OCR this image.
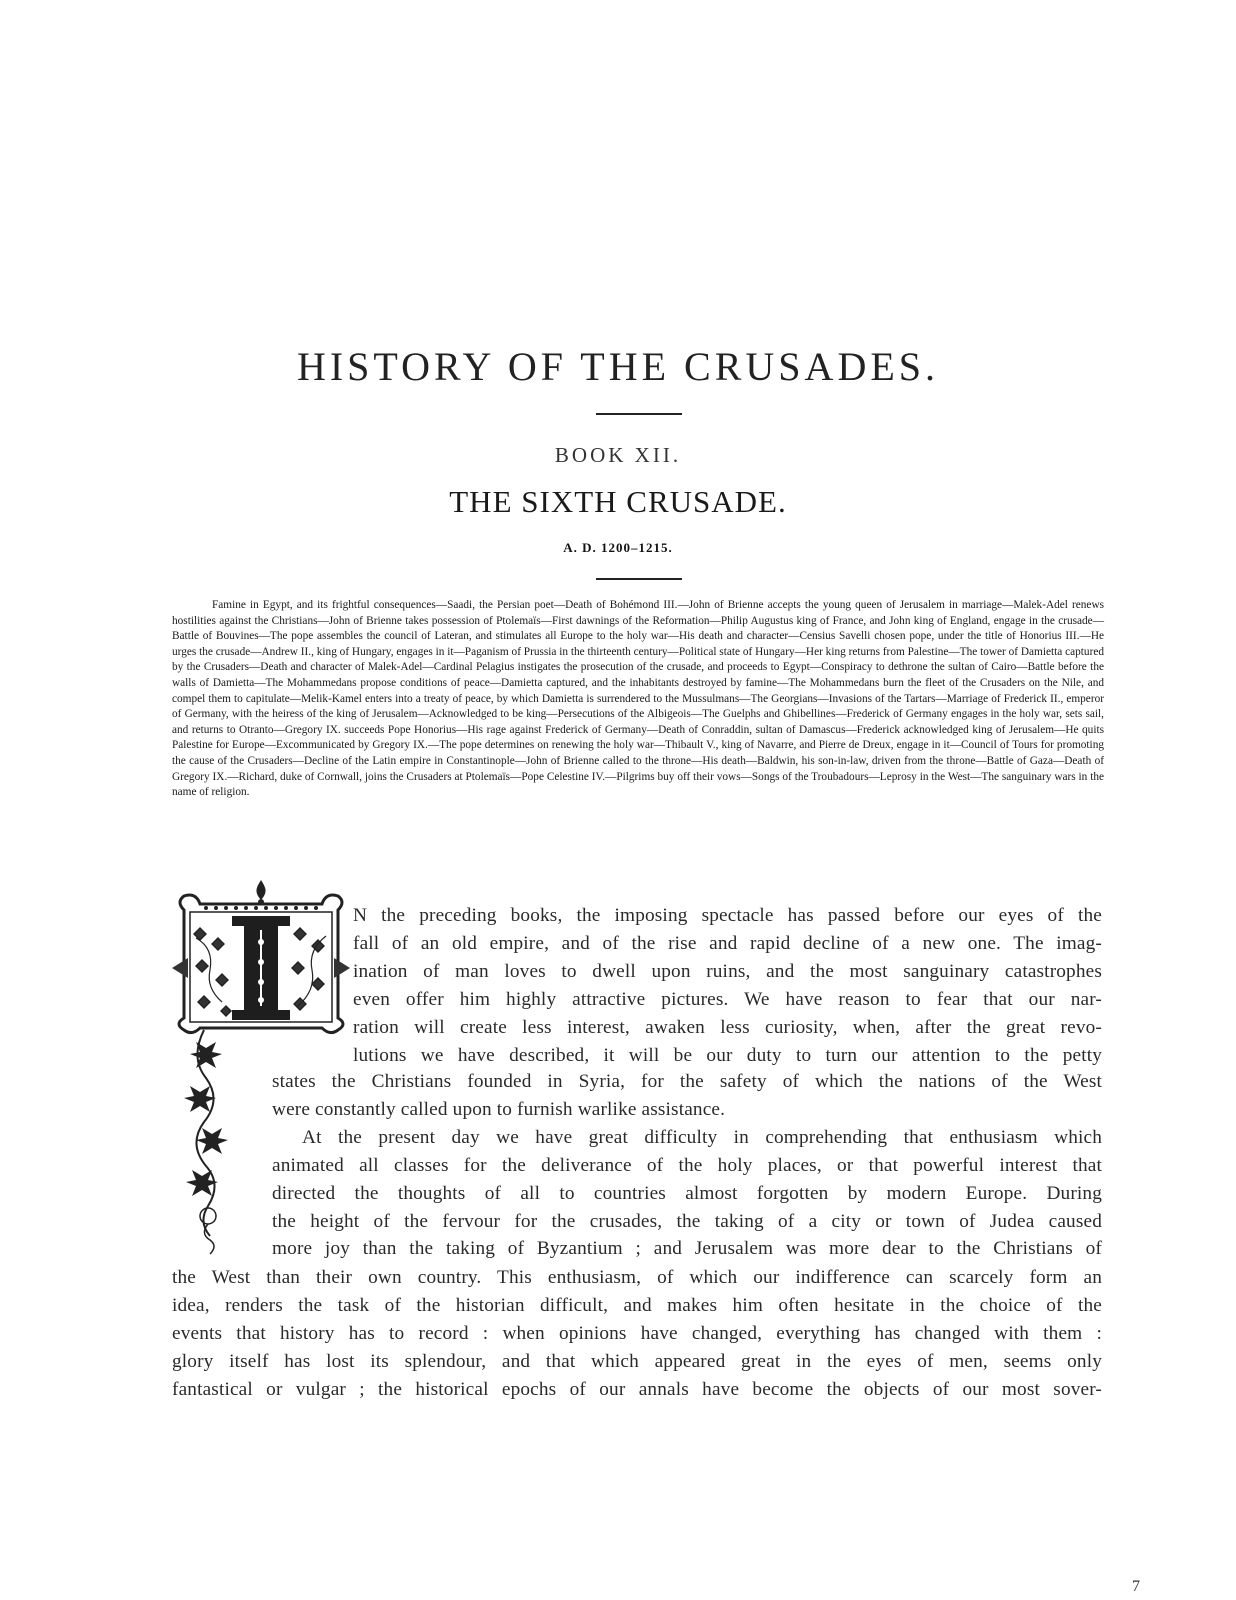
HISTORY OF THE CRUSADES.
BOOK XII.
THE SIXTH CRUSADE.
A. D. 1200–1215.

Famine in Egypt, and its frightful consequences—Saadi, the Persian poet—Death of Bohémond III.—John of Brienne accepts the young queen of Jerusalem in marriage—Malek-Adel renews hostilities against the Christians—John of Brienne takes possession of Ptolemaïs—First dawnings of the Reformation—Philip Augustus king of France, and John king of England, engage in the crusade—Battle of Bouvines—The pope assembles the council of Lateran, and stimulates all Europe to the holy war—His death and character—Censius Savelli chosen pope, under the title of Honorius III.—He urges the crusade—Andrew II., king of Hungary, engages in it—Paganism of Prussia in the thirteenth century—Political state of Hungary—Her king returns from Palestine—The tower of Damietta captured by the Crusaders—Death and character of Malek-Adel—Cardinal Pelagius instigates the prosecution of the crusade, and proceeds to Egypt—Conspiracy to dethrone the sultan of Cairo—Battle before the walls of Damietta—The Mohammedans propose conditions of peace—Damietta captured, and the inhabitants destroyed by famine—The Mohammedans burn the fleet of the Crusaders on the Nile, and compel them to capitulate—Melik-Kamel enters into a treaty of peace, by which Damietta is surrendered to the Mussulmans—The Georgians—Invasions of the Tartars—Marriage of Frederick II., emperor of Germany, with the heiress of the king of Jerusalem—Acknowledged to be king—Persecutions of the Albigeois—The Guelphs and Ghibellines—Frederick of Germany engages in the holy war, sets sail, and returns to Otranto—Gregory IX. succeeds Pope Honorius—His rage against Frederick of Germany—Death of Conraddin, sultan of Damascus—Frederick acknowledged king of Jerusalem—He quits Palestine for Europe—Excommunicated by Gregory IX.—The pope determines on renewing the holy war—Thibault V., king of Navarre, and Pierre de Dreux, engage in it—Council of Tours for promoting the cause of the Crusaders—Decline of the Latin empire in Constantinople—John of Brienne called to the throne—His death—Baldwin, his son-in-law, driven from the throne—Battle of Gaza—Death of Gregory IX.—Richard, duke of Cornwall, joins the Crusaders at Ptolemaïs—Pope Celestine IV.—Pilgrims buy off their vows—Songs of the Troubadours—Leprosy in the West—The sanguinary wars in the name of religion.

N the preceding books, the imposing spectacle has passed before our eyes of the
fall of an old empire, and of the rise and rapid decline of a new one. The imag-
ination of man loves to dwell upon ruins, and the most sanguinary catastrophes
even offer him highly attractive pictures. We have reason to fear that our nar-
ration will create less interest, awaken less curiosity, when, after the great revo-
lutions we have described, it will be our duty to turn our attention to the petty
states the Christians founded in Syria, for the safety of which the nations of the West
were constantly called upon to furnish warlike assistance.
At the present day we have great difficulty in comprehending that enthusiasm which
animated all classes for the deliverance of the holy places, or that powerful interest that
directed the thoughts of all to countries almost forgotten by modern Europe. During
the height of the fervour for the crusades, the taking of a city or town of Judea caused
more joy than the taking of Byzantium ; and Jerusalem was more dear to the Christians of
the West than their own country. This enthusiasm, of which our indifference can scarcely form an
idea, renders the task of the historian difficult, and makes him often hesitate in the choice of the
events that history has to record : when opinions have changed, everything has changed with them :
glory itself has lost its splendour, and that which appeared great in the eyes of men, seems only
fantastical or vulgar ; the historical epochs of our annals have become the objects of our most sover-
7
